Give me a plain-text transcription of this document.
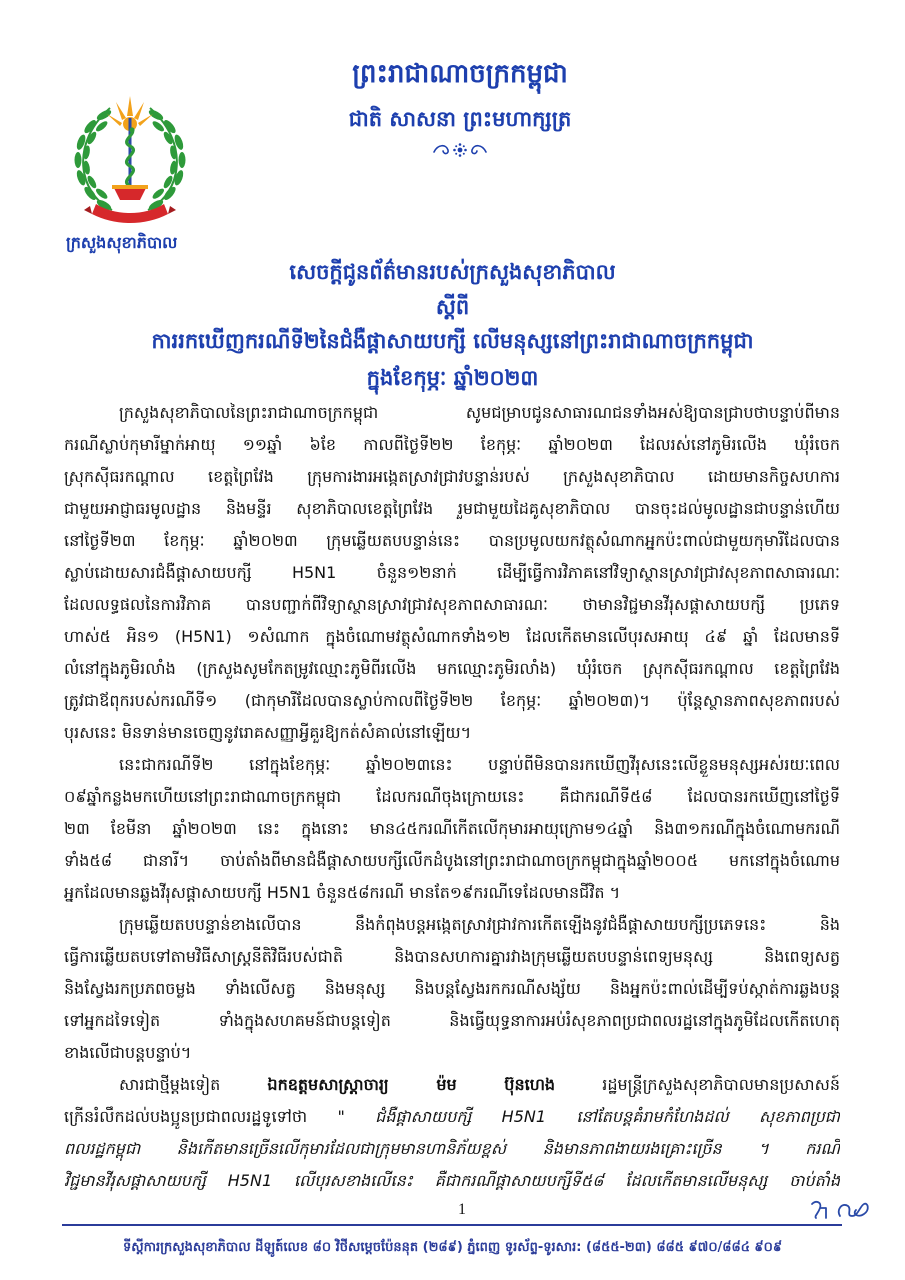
ព្រះរាជាណាចក្រកម្ពុជា
ជាតិ សាសនា ព្រះមហាក្សត្រ
ក្រសួងសុខាភិបាល
សេចក្តីជូនព័ត៌មានរបស់ក្រសួងសុខាភិបាល
ស្តីពី
ការរកឃើញករណីទី២នៃជំងឺផ្តាសាយបក្សី លើមនុស្សនៅព្រះរាជាណាចក្រកម្ពុជា
ក្នុងខែកុម្ភៈ ឆ្នាំ២០២៣
ក្រសួងសុខាភិបាលនៃព្រះរាជាណាចក្រកម្ពុជា សូមជម្រាបជូនសាធារណជនទាំងអស់ឱ្យបានជ្រាបថាបន្ទាប់ពីមាន
ករណីស្លាប់កុមារីម្នាក់អាយុ ១១ឆ្នាំ ៦ខែ កាលពីថ្ងៃទី២២ ខែកុម្ភៈ ឆ្នាំ២០២៣ ដែលរស់នៅភូមិរលើង ឃុំរំចេក
ស្រុកស៊ីធរកណ្តាល ខេត្តព្រៃវែង ក្រុមការងារអង្កេតស្រាវជ្រាវបន្ទាន់របស់ ក្រសួងសុខាភិបាល ដោយមានកិច្ចសហការ
ជាមួយអាជ្ញាធរមូលដ្ឋាន និងមន្ទីរ សុខាភិបាលខេត្តព្រៃវែង រួមជាមួយដៃគូសុខាភិបាល បានចុះដល់មូលដ្ឋានជាបន្ទាន់ហើយ
នៅថ្ងៃទី២៣ ខែកុម្ភៈ ឆ្នាំ២០២៣ ក្រុមឆ្លើយតបបន្ទាន់នេះ បានប្រមូលយកវត្ថុសំណាកអ្នកប៉ះពាល់ជាមួយកុមារីដែលបាន
ស្លាប់ដោយសារជំងឺផ្តាសាយបក្សី H5N1 ចំនួន១២នាក់ ដើម្បីធ្វើការវិភាគនៅវិទ្យាស្ថានស្រាវជ្រាវសុខភាពសាធារណៈ
ដែលលទ្ធផលនៃការវិភាគ បានបញ្ជាក់ពីវិទ្យាស្ថានស្រាវជ្រាវសុខភាពសាធារណៈ ថាមានវិជ្ជមានវីរុសផ្តាសាយបក្សី ប្រភេទ
ហាស់៥ អិន១ (H5N1) ១សំណាក ក្នុងចំណោមវត្ថុសំណាកទាំង១២ ដែលកើតមានលើបុរសអាយុ ៤៩ ឆ្នាំ ដែលមានទី
លំនៅក្នុងភូមិរលាំង (ក្រសួងសូមកែតម្រូវឈ្មោះភូមិពីរលើង មកឈ្មោះភូមិរលាំង) ឃុំរំចេក ស្រុកស៊ីធរកណ្តាល ខេត្តព្រៃវែង
ត្រូវជាឪពុករបស់ករណីទី១ (ជាកុមារីដែលបានស្លាប់កាលពីថ្ងៃទី២២ ខែកុម្ភៈ ឆ្នាំ២០២៣)។ ប៉ុន្តែស្ថានភាពសុខភាពរបស់
បុរសនេះ មិនទាន់មានចេញនូវរោគសញ្ញាអ្វីគួរឱ្យកត់សំគាល់នៅឡើយ។
នេះជាករណីទី២ នៅក្នុងខែកុម្ភៈ ឆ្នាំ២០២៣នេះ បន្ទាប់ពីមិនបានរកឃើញវីរុសនេះលើខ្លួនមនុស្សអស់រយៈពេល
០៩ឆ្នាំកន្លងមកហើយនៅព្រះរាជាណាចក្រកម្ពុជា ដែលករណីចុងក្រោយនេះ គឺជាករណីទី៥៨ ដែលបានរកឃើញនៅថ្ងៃទី
២៣ ខែមីនា ឆ្នាំ២០២៣ នេះ ក្នុងនោះ មាន៤៥ករណីកើតលើកុមារអាយុក្រោម១៤ឆ្នាំ និង៣១ករណីក្នុងចំណោមករណី
ទាំង៥៨ ជានារី។ ចាប់តាំងពីមានជំងឺផ្តាសាយបក្សីលើកដំបូងនៅព្រះរាជាណាចក្រកម្ពុជាក្នុងឆ្នាំ២០០៥ មកនៅក្នុងចំណោម
អ្នកដែលមានឆ្លងវីរុសផ្តាសាយបក្សី H5N1 ចំនួន៥៨ករណី មានតែ១៩ករណីទេដែលមានជីវិត ។
ក្រុមឆ្លើយតបបន្ទាន់ខាងលើបាន នឹងកំពុងបន្តអង្កេតស្រាវជ្រាវការកើតឡើងនូវជំងឺផ្តាសាយបក្សីប្រភេទនេះ និង
ធ្វើការឆ្លើយតបទៅតាមវិធីសាស្ត្រនីតិវិធីរបស់ជាតិ និងបានសហការគ្នារវាងក្រុមឆ្លើយតបបន្ទាន់ពេទ្យមនុស្ស និងពេទ្យសត្វ
និងស្វែងរកប្រភពចម្លង ទាំងលើសត្វ និងមនុស្ស និងបន្តស្វែងរកករណីសង្ស័យ និងអ្នកប៉ះពាល់ដើម្បីទប់ស្កាត់ការឆ្លងបន្ត
ទៅអ្នកដទៃទៀត ទាំងក្នុងសហគមន៍ជាបន្តទៀត និងធ្វើយុទ្ធនាការអប់រំសុខភាពប្រជាពលរដ្ឋនៅក្នុងភូមិដែលកើតហេតុ
ខាងលើជាបន្តបន្ទាប់។
សារជាថ្មីម្តងទៀត ឯកឧត្តមសាស្ត្រាចារ្យ ម៉ម ប៊ុនហេង រដ្ឋមន្ត្រីក្រសួងសុខាភិបាលមានប្រសាសន៍
ក្រើនរំលឹកដល់បងប្អូនប្រជាពលរដ្ឋទូទៅថា " ជំងឺផ្តាសាយបក្សី H5N1 នៅតែបន្តគំរាមកំហែងដល់ សុខភាពប្រជា
ពលរដ្ឋកម្ពុជា និងកើតមានច្រើនលើកុមារដែលជាក្រុមមានហានិភ័យខ្ពស់ និងមានភាពងាយរងគ្រោះច្រើន ។ ករណី
វិជ្ជមានវីរុសផ្តាសាយបក្សី H5N1 លើបុរសខាងលើនេះ គឺជាករណីផ្តាសាយបក្សីទី៥៨ ដែលកើតមានលើមនុស្ស ចាប់តាំង
1
ទីស្តីការក្រសួងសុខាភិបាល ដីឡូត៍លេខ ៨០ វិថីសម្តេចប៉ែននុត (២៨៩) ភ្នំពេញ ទូរស័ព្ទ-ទូរសារ: (៨៥៥-២៣) ៨៨៥ ៩៧០/៨៨៤ ៩០៩
